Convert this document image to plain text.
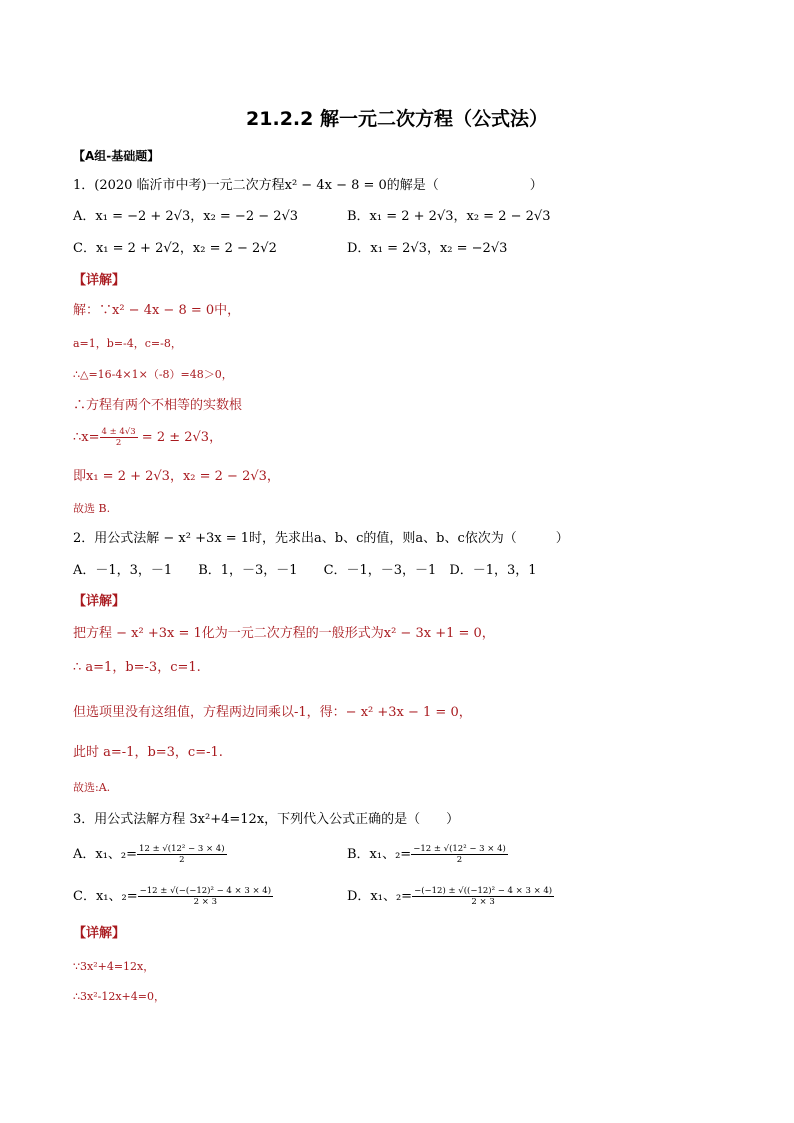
21.2.2 解一元二次方程（公式法）
【A组-基础题】
1．(2020 临沂市中考)一元二次方程x² − 4x − 8 = 0的解是（　　　　　　　）
A．x₁ = −2 + 2√3，x₂ = −2 − 2√3	B．x₁ = 2 + 2√3，x₂ = 2 − 2√3
C．x₁ = 2 + 2√2，x₂ = 2 − 2√2	D．x₁ = 2√3，x₂ = −2√3
【详解】
解：∵x² − 4x − 8 = 0中，
a=1，b=-4，c=-8，
∴△=16-4×1×（-8）=48＞0，
∴方程有两个不相等的实数根
∴x= $\frac{4 \pm 4√3}{2} = 2 \pm 2√3$，
即x₁ = 2 + 2√3，x₂ = 2 − 2√3，
故选 B.
2．用公式法解 − x² +3x = 1时，先求出a、b、c的值，则a、b、c依次为（　　　）
A．－1，3，－1　　B．1，－3，－1　　C．－1，－3，－1　D．－1，3，1
【详解】
把方程 − x² +3x = 1化为一元二次方程的一般形式为x² − 3x +1 = 0，
∴ a=1，b=-3，c=1.
但选项里没有这组值，方程两边同乘以-1，得：− x² +3x − 1 = 0，
此时 a=-1，b=3，c=-1.
故选:A.
3．用公式法解方程 3x²+4=12x，下列代入公式正确的是（　　）
A．x₁、$_2= \frac{\text{12 ± √(12² − 3 × 4)}}{2}$	B．x₁、$_2= \frac{\text{−12 ± √(12² − 3 × 4)}}{2}$
C．x₁、$_2= \frac{\text{−12 ± √(−(−12)² − 4 × 3 × 4)}}{2 \times 3}$	D．x₁、$_2= \frac{\text{−(−12) ± √((−12)² − 4 × 3 × 4)}}{2 \times 3}$
【详解】
∵3x²+4=12x，
∴3x²-12x+4=0，
